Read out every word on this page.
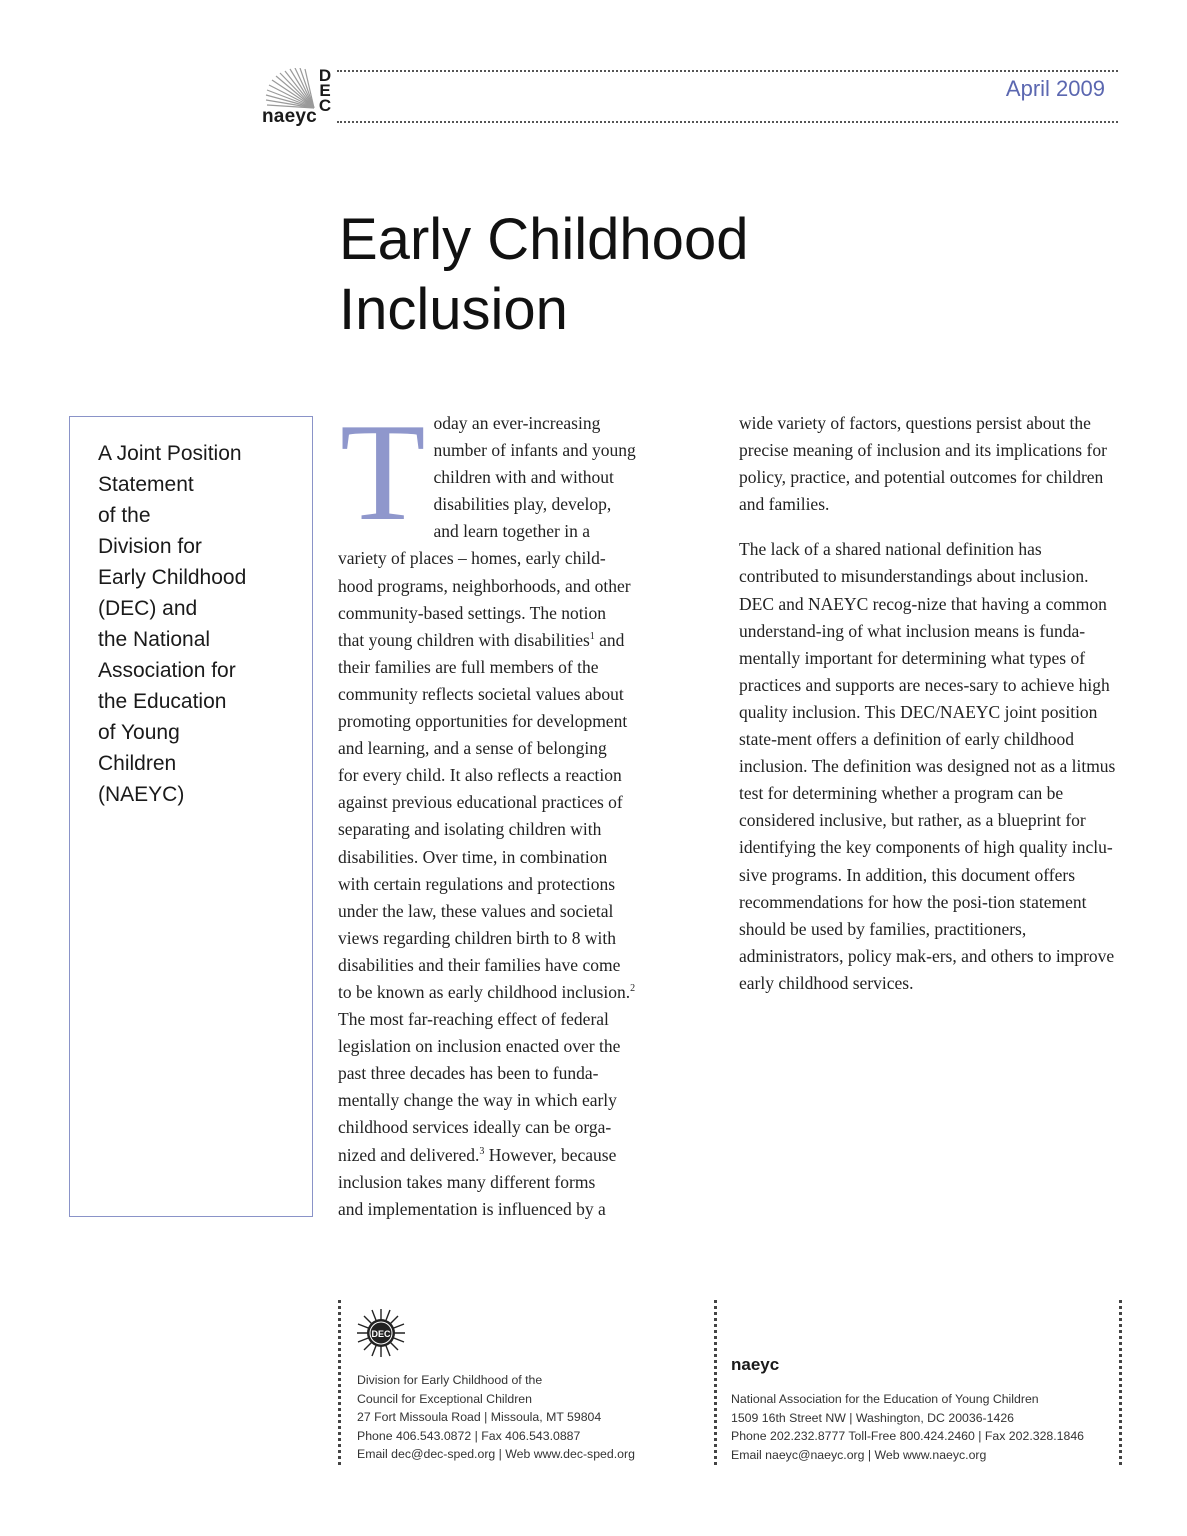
D
E
C
naeyc
April 2009
Early Childhood
Inclusion
A Joint Position
Statement
of the
Division for
Early Childhood
(DEC) and
the National
Association for
the Education
of Young
Children
(NAEYC)
T oday an ever-increasing
number of infants and young
children with and without
disabilities play, develop,
and learn together in a
variety of places – homes, early child-
hood programs, neighborhoods, and other
community-based settings. The notion
that young children with disabilities$^1$ and
their families are full members of the
community reflects societal values about
promoting opportunities for development
and learning, and a sense of belonging
for every child. It also reflects a reaction
against previous educational practices of
separating and isolating children with
disabilities. Over time, in combination
with certain regulations and protections
under the law, these values and societal
views regarding children birth to 8 with
disabilities and their families have come
to be known as early childhood inclusion.$^2$
The most far-reaching effect of federal
legislation on inclusion enacted over the
past three decades has been to funda-
mentally change the way in which early
childhood services ideally can be orga-
nized and delivered.$^3$ However, because
inclusion takes many different forms
and implementation is influenced by a

wide variety of factors, questions persist about the precise meaning of inclusion and its implications for policy, practice, and potential outcomes for children and families.

The lack of a shared national definition has contributed to misunderstandings about inclusion. DEC and NAEYC recog-nize that having a common understand-ing of what inclusion means is funda-mentally important for determining what types of practices and supports are neces-sary to achieve high quality inclusion. This DEC/NAEYC joint position state-ment offers a definition of early childhood inclusion. The definition was designed not as a litmus test for determining whether a program can be considered inclusive, but rather, as a blueprint for identifying the key components of high quality inclu-sive programs. In addition, this document offers recommendations for how the posi-tion statement should be used by families, practitioners, administrators, policy mak-ers, and others to improve early childhood services.

DEC
Division for Early Childhood of the
Council for Exceptional Children
27 Fort Missoula Road | Missoula, MT 59804
Phone 406.543.0872 | Fax 406.543.0887
Email dec@dec-sped.org | Web www.dec-sped.org
naeyc
National Association for the Education of Young Children
1509 16th Street NW | Washington, DC 20036-1426
Phone 202.232.8777 Toll-Free 800.424.2460 | Fax 202.328.1846
Email naeyc@naeyc.org | Web www.naeyc.org
